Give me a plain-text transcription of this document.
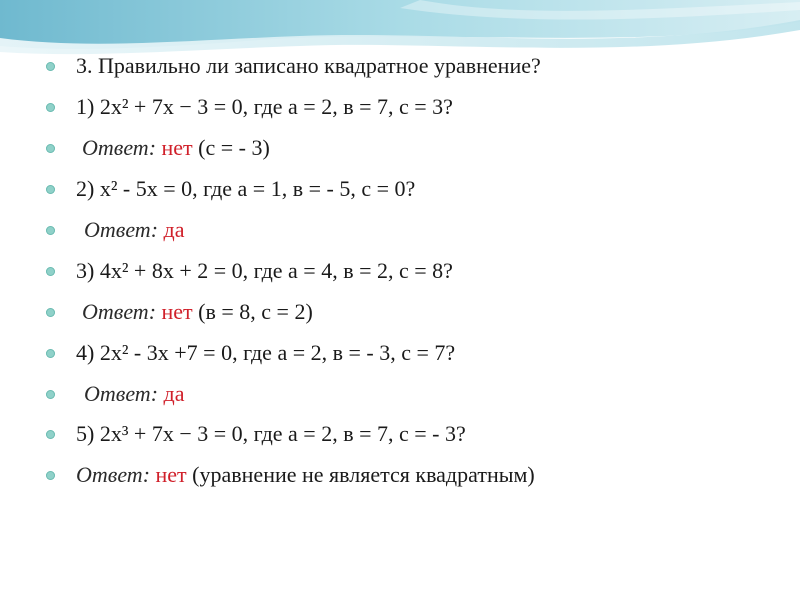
3. Правильно ли записано квадратное уравнение?
1) 2х² + 7х − 3 = 0, где а = 2, в = 7, с = 3?
Ответ: нет (с = - 3)
2) х² - 5х = 0, где а = 1, в = - 5, с = 0?
Ответ: да
3) 4х² + 8х + 2 = 0, где а = 4, в = 2, с = 8?
Ответ: нет (в = 8, с = 2)
4) 2х² - 3х +7 = 0, где а = 2, в = - 3, с = 7?
Ответ: да
5) 2х³ + 7х − 3 = 0, где а = 2, в = 7, с = - 3?
Ответ: нет (уравнение не является квадратным)
